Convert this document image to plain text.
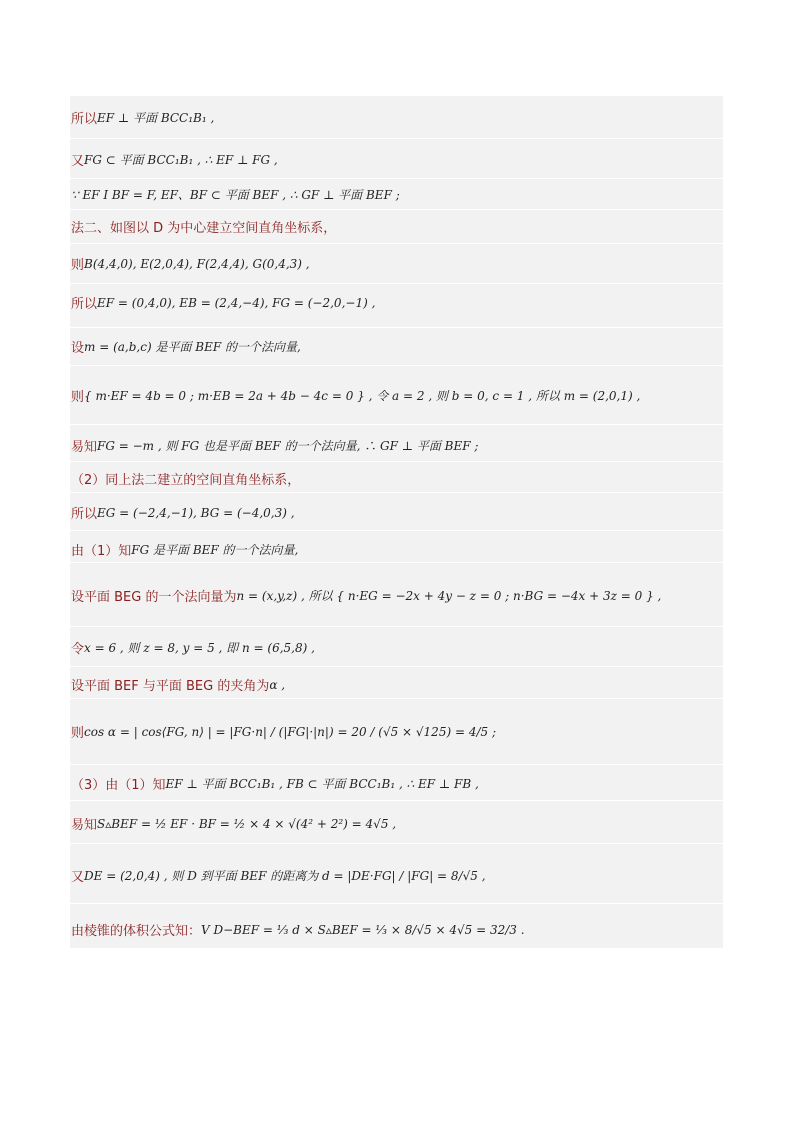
所以 EF ⊥ 平面 BCC₁B₁ ,
又 FG ⊂ 平面 BCC₁B₁ , ∴ EF ⊥ FG ,
∵ EF I BF = F, EF、BF ⊂ 平面 BEF , ∴ GF ⊥ 平面 BEF ;
法二、如图以 D 为中心建立空间直角坐标系，
则 B(4,4,0), E(2,0,4), F(2,4,4), G(0,4,3) ,
所以 EF = (0,4,0), EB = (2,4,−4), FG = (−2,0,−1) ,
设 m = (a,b,c) 是平面 BEF 的一个法向量,
则 { m·EF = 4b = 0 ; m·EB = 2a + 4b − 4c = 0 } , 令 a = 2 , 则 b = 0, c = 1 , 所以 m = (2,0,1) ,
易知 FG = −m , 则 FG 也是平面 BEF 的一个法向量, ∴ GF ⊥ 平面 BEF ;
（2）同上法二建立的空间直角坐标系，
所以 EG = (−2,4,−1), BG = (−4,0,3) ,
由（1）知 FG 是平面 BEF 的一个法向量,
设平面 BEG 的一个法向量为 n = (x,y,z) , 所以 { n·EG = −2x + 4y − z = 0 ; n·BG = −4x + 3z = 0 } ,
令 x = 6 , 则 z = 8, y = 5 , 即 n = (6,5,8) ,
设平面 BEF 与平面 BEG 的夹角为 α ,
则 cos α = | cos⟨FG, n⟩ | = |FG·n| / (|FG|·|n|) = 20 / (√5 × √125) = 4/5 ;
（3）由（1）知 EF ⊥ 平面 BCC₁B₁ , FB ⊂ 平面 BCC₁B₁ , ∴ EF ⊥ FB ,
易知 S▵BEF = ½ EF · BF = ½ × 4 × √(4² + 2²) = 4√5 ,
又 DE = (2,0,4) , 则 D 到平面 BEF 的距离为 d = |DE·FG| / |FG| = 8/√5 ,
由棱锥的体积公式知： V D−BEF = ⅓ d × S▵BEF = ⅓ × 8/√5 × 4√5 = 32/3 .
